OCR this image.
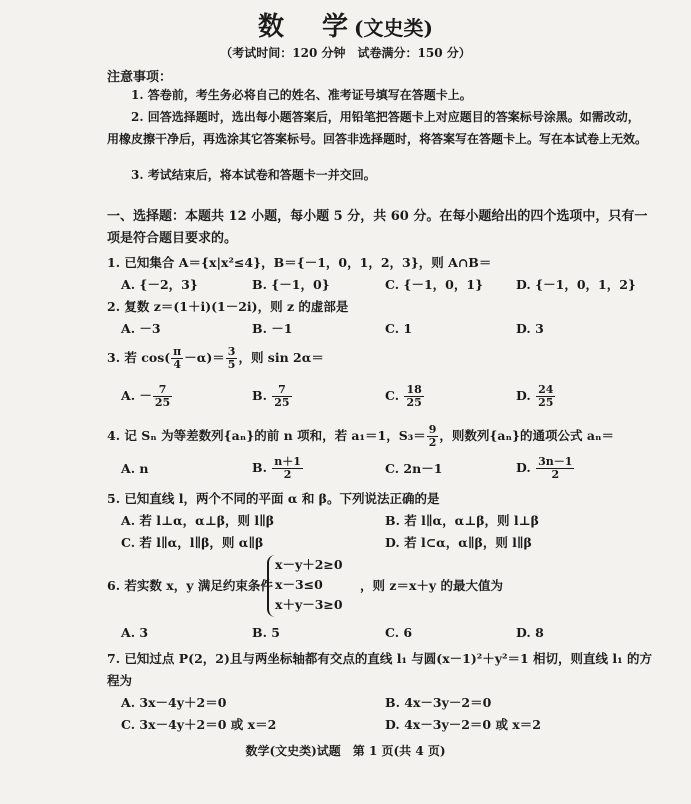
数　学(文史类)
（考试时间：120 分钟　试卷满分：150 分）
注意事项：
1. 答卷前，考生务必将自己的姓名、准考证号填写在答题卡上。
2. 回答选择题时，选出每小题答案后，用铅笔把答题卡上对应题目的答案标号涂黑。如需改动，用橡皮擦干净后，再选涂其它答案标号。回答非选择题时，将答案写在答题卡上。写在本试卷上无效。
3. 考试结束后，将本试卷和答题卡一并交回。
一、选择题：本题共 12 小题，每小题 5 分，共 60 分。在每小题给出的四个选项中，只有一项是符合题目要求的。
1. 已知集合 A＝{x|x²≤4}，B＝{－1，0，1，2，3}，则 A∩B＝
A. {－2，3}	B. {－1，0}	C. {－1，0，1}	D. {－1，0，1，2}
2. 复数 z＝(1＋i)(1－2i)，则 z 的虚部是
A. －3	B. －1	C. 1	D. 3
3. 若 $\cos( \frac{\pi}{4} -\alpha)= \frac{3}{5}$ ，则 sin 2α＝
A. － $\frac{7}{25}$	B. $\frac{7}{25}$	C. $\frac{18}{25}$	D. $\frac{24}{25}$
4. 记 Sₙ 为等差数列{aₙ}的前 n 项和，若 a₁＝1，$S_3= \frac{9}{2}$ ，则数列{aₙ}的通项公式 aₙ＝
A. n	B. $\frac{n+1}{2}$	C. 2n－1	D. $\frac{3n-1}{2}$
5. 已知直线 l，两个不同的平面 α 和 β。下列说法正确的是
A. 若 l⊥α，α⊥β，则 l∥β	B. 若 l∥α，α⊥β，则 l⊥β
C. 若 l∥α，l∥β，则 α∥β	D. 若 l⊂α，α∥β，则 l∥β
6. 若实数 x，y 满足约束条件
x－y＋2≥0
x－3≤0
x＋y－3≥0
，则 z＝x＋y 的最大值为
A. 3	B. 5	C. 6	D. 8
7. 已知过点 P(2，2)且与两坐标轴都有交点的直线 l₁ 与圆(x－1)²＋y²＝1 相切，则直线 l₁ 的方程为
A. 3x－4y＋2＝0	B. 4x－3y－2＝0
C. 3x－4y＋2＝0 或 x＝2	D. 4x－3y－2＝0 或 x＝2
数学(文史类)试题　第 1 页(共 4 页)
